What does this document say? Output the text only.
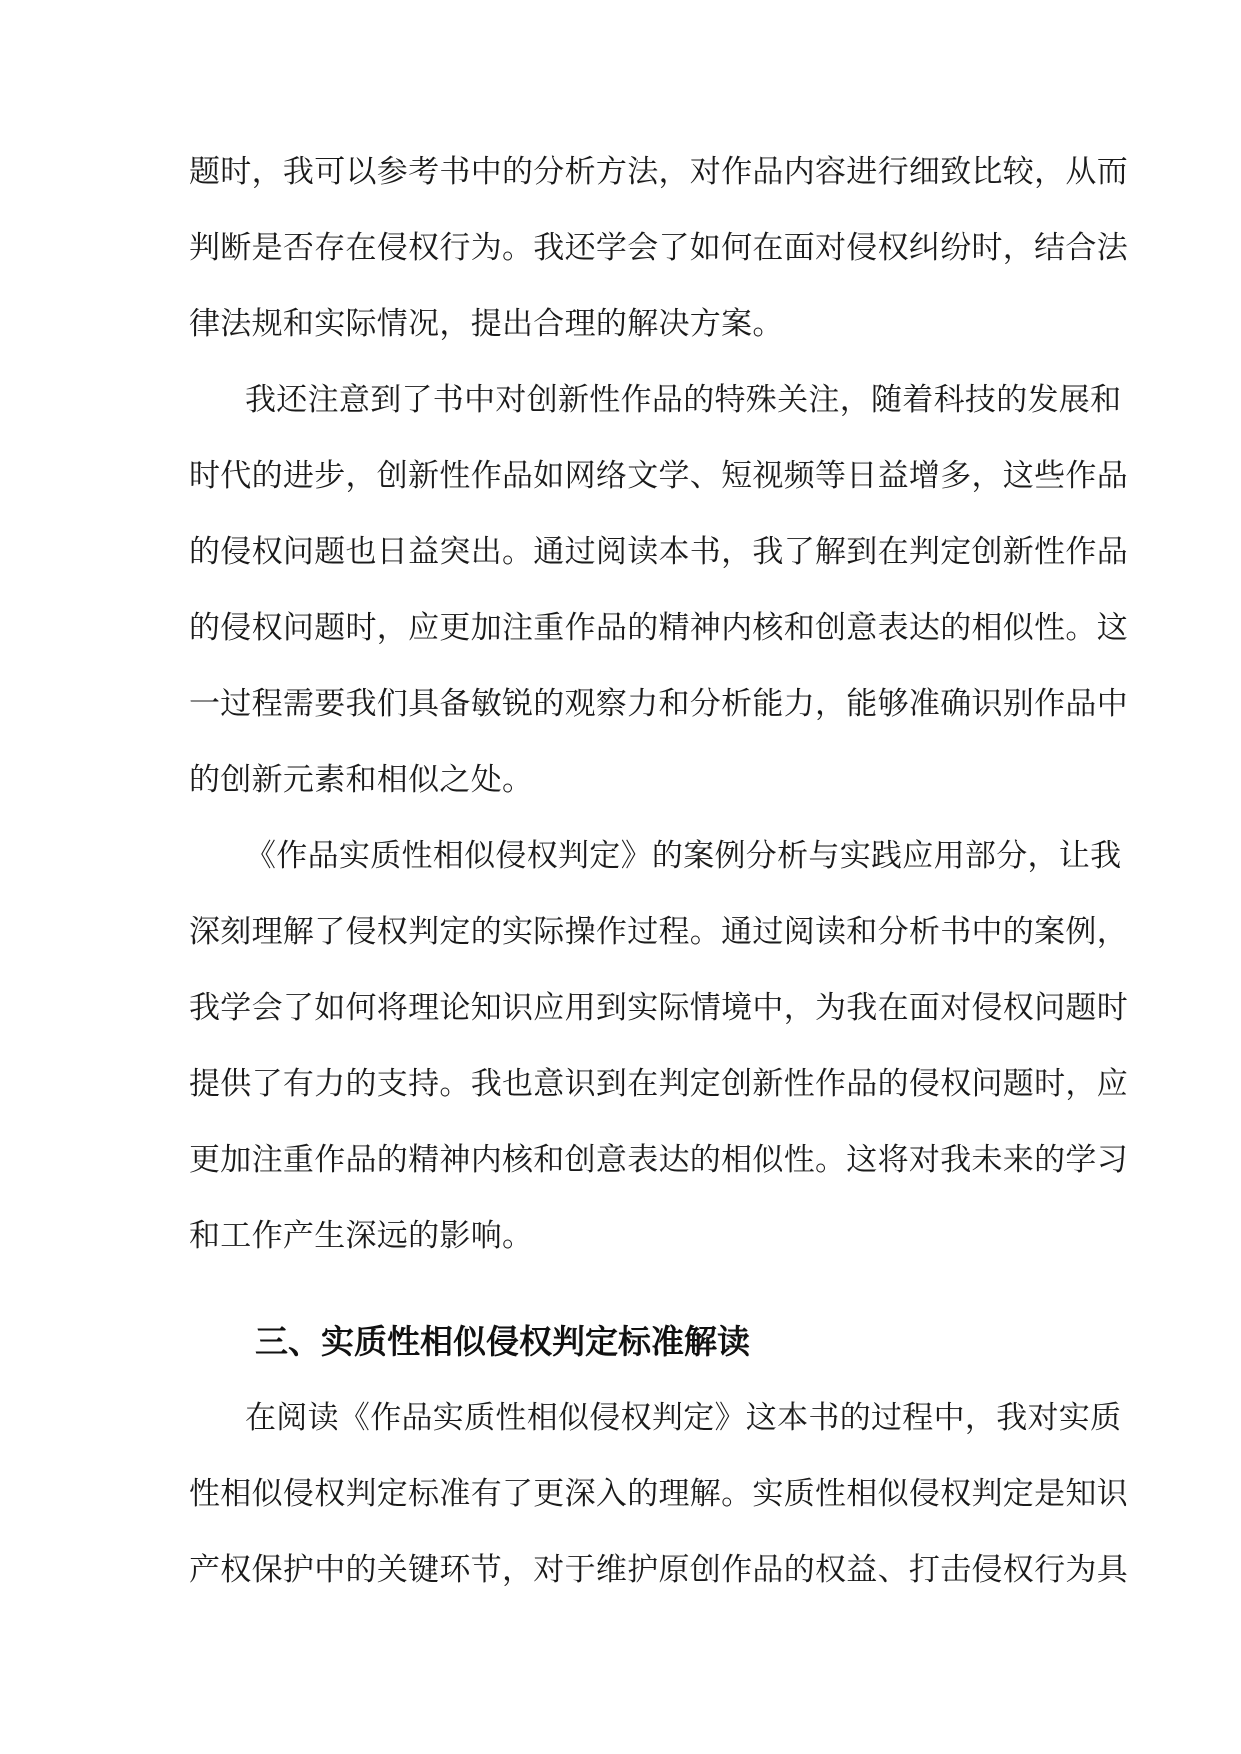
题时，我可以参考书中的分析方法，对作品内容进行细致比较，从而
判断是否存在侵权行为。我还学会了如何在面对侵权纠纷时，结合法
律法规和实际情况，提出合理的解决方案。
我还注意到了书中对创新性作品的特殊关注，随着科技的发展和
时代的进步，创新性作品如网络文学、短视频等日益增多，这些作品
的侵权问题也日益突出。通过阅读本书，我了解到在判定创新性作品
的侵权问题时，应更加注重作品的精神内核和创意表达的相似性。这
一过程需要我们具备敏锐的观察力和分析能力，能够准确识别作品中
的创新元素和相似之处。
《作品实质性相似侵权判定》的案例分析与实践应用部分，让我
深刻理解了侵权判定的实际操作过程。通过阅读和分析书中的案例，
我学会了如何将理论知识应用到实际情境中，为我在面对侵权问题时
提供了有力的支持。我也意识到在判定创新性作品的侵权问题时，应
更加注重作品的精神内核和创意表达的相似性。这将对我未来的学习
和工作产生深远的影响。
三、实质性相似侵权判定标准解读
在阅读《作品实质性相似侵权判定》这本书的过程中，我对实质
性相似侵权判定标准有了更深入的理解。实质性相似侵权判定是知识
产权保护中的关键环节，对于维护原创作品的权益、打击侵权行为具
